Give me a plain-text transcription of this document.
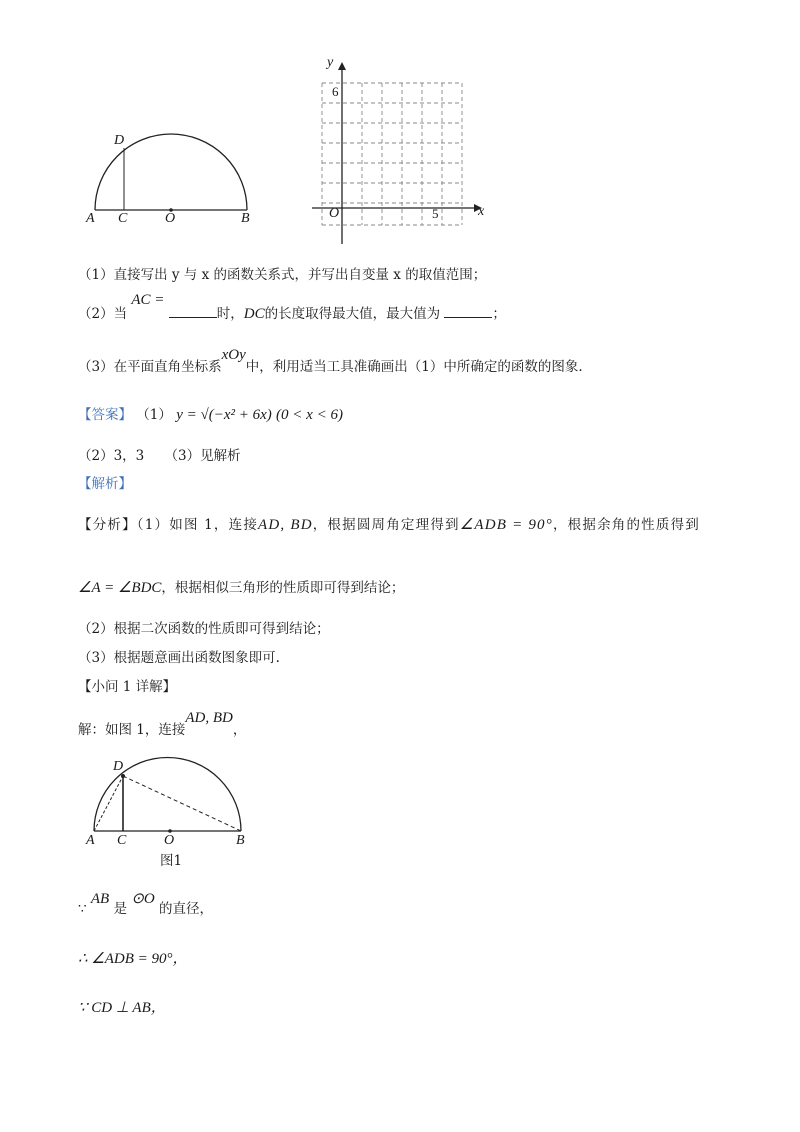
A C	O	B
D
y
x
O
6
5
（1）直接写出 y 与 x 的函数关系式，并写出自变量 x 的取值范围；
（2）当 AC = 时，DC的长度取得最大值，最大值为	；
（3）在平面直角坐标系xOy中，利用适当工具准确画出（1）中所确定的函数的图象.
【答案】 （1） y = √(−x² + 6x) (0 < x < 6)
（2）3，3　　（3）见解析
【解析】
【分析】（1）如图 1，连接AD, BD，根据圆周角定理得到∠ADB = 90°，根据余角的性质得到
∠A = ∠BDC，根据相似三角形的性质即可得到结论；
（2）根据二次函数的性质即可得到结论；
（3）根据题意画出函数图象即可.
【小问 1 详解】
解：如图 1，连接AD, BD，
A C	O	B
D
图1
∵ AB 是 ⊙O 的直径，
∴ ∠ADB = 90°，
∵ CD ⊥ AB，
